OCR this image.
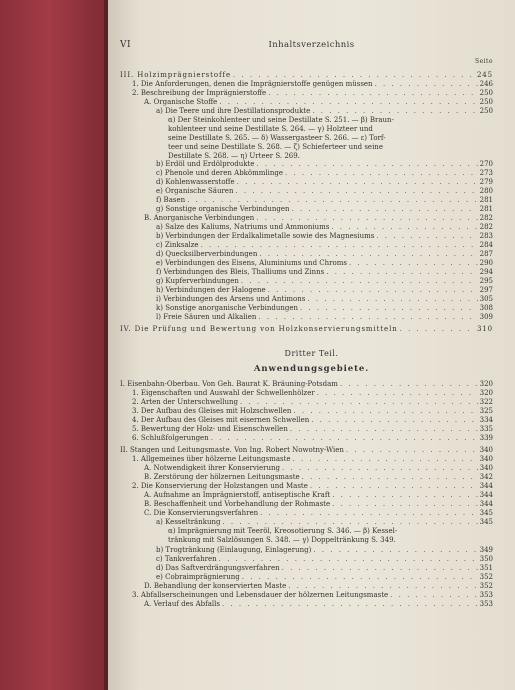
VI	Inhaltsverzeichnis
Seite
Dritter Teil.
Anwendungsgebiete.
III. Holzimprägnierstoffe . . .	245
1. Die Anforderungen, denen die Imprägnierstoffe genügen müssen . . .	246
2. Beschreibung der Imprägnierstoffe . . .	250
A. Organische Stoffe . . .	250
a) Die Teere und ihre Destillationsprodukte . . .	250
b) Erdöl und Erdölprodukte . . .	270
c) Phenole und deren Abkömmlinge . . .	273
d) Kohlenwasserstoffe . . .	279
e) Organische Säuren . . .	280
f) Basen . . .	281
g) Sonstige organische Verbindungen . . .	281
B. Anorganische Verbindungen . . .	282
a) Salze des Kaliums, Natriums und Ammoniums . . .	282
b) Verbindungen der Erdalkalimetalle sowie des Magnesiums . . .	283
c) Zinksalze . . .	284
d) Quecksilberverbindungen . . .	287
e) Verbindungen des Eisens, Aluminiums und Chroms . . .	290
f) Verbindungen des Bleis, Thalliums und Zinns . . .	294
g) Kupferverbindungen . . .	295
h) Verbindungen der Halogene . . .	297
i) Verbindungen des Arsens und Antimons . . .	305
k) Sonstige anorganische Verbindungen . . .	308
l) Freie Säuren und Alkalien . . .	309
IV. Die Prüfung und Bewertung von Holzkonservierungsmitteln . . .	310
I. Eisenbahn-Oberbau. Von Geh. Baurat K. Bräuning-Potsdam . . .	320
1. Eigenschaften und Auswahl der Schwellenhölzer . . .	320
2. Arten der Unterschwellung . . .	322
3. Der Aufbau des Gleises mit Holzschwellen . . .	325
4. Der Aufbau des Gleises mit eisernen Schwellen . . .	334
5. Bewertung der Holz- und Eisenschwellen . . .	335
6. Schlußfolgerungen . . .	339
II. Stangen und Leitungsmaste. Von Ing. Robert Nowotny-Wien . . .	340
1. Allgemeines über hölzerne Leitungsmaste . . .	340
A. Notwendigkeit ihrer Konservierung . . .	340
B. Zerstörung der hölzernen Leitungsmaste . . .	342
2. Die Konservierung der Holzstangen und Maste . . .	344
A. Aufnahme an Imprägnierstoff, antiseptische Kraft . . .	344
B. Beschaffenheit und Vorbehandlung der Rohmaste . . .	344
C. Die Konservierungsverfahren . . .	345
a) Kesseltränkung . . .	345
b) Trogtränkung (Einlaugung, Einlagerung) . . .	349
c) Tankverfahren . . .	350
d) Das Saftverdrängungsverfahren . . .	351
e) Cobraimprägnierung . . .	352
D. Behandlung der konservierten Maste . . .	352
3. Abfallserscheinungen und Lebensdauer der hölzernen Leitungsmaste . . .	353
A. Verlauf des Abfalls . . .	353
α) Der Steinkohlenteer und seine Destillate S. 251. — β) Braun-
kohlenteer und seine Destillate S. 264. — γ) Holzteer und
seine Destillate S. 265. — δ) Wassergasteer S. 266. — ε) Torf-
teer und seine Destillate S. 268. — ζ) Schieferteer und seine
Destillate S. 268. — η) Urteer S. 269.
α) Imprägnierung mit Teeröl, Kreosotierung S. 346. — β) Kessel-
tränkung mit Salzlösungen S. 348. — γ) Doppeltränkung S. 349.
